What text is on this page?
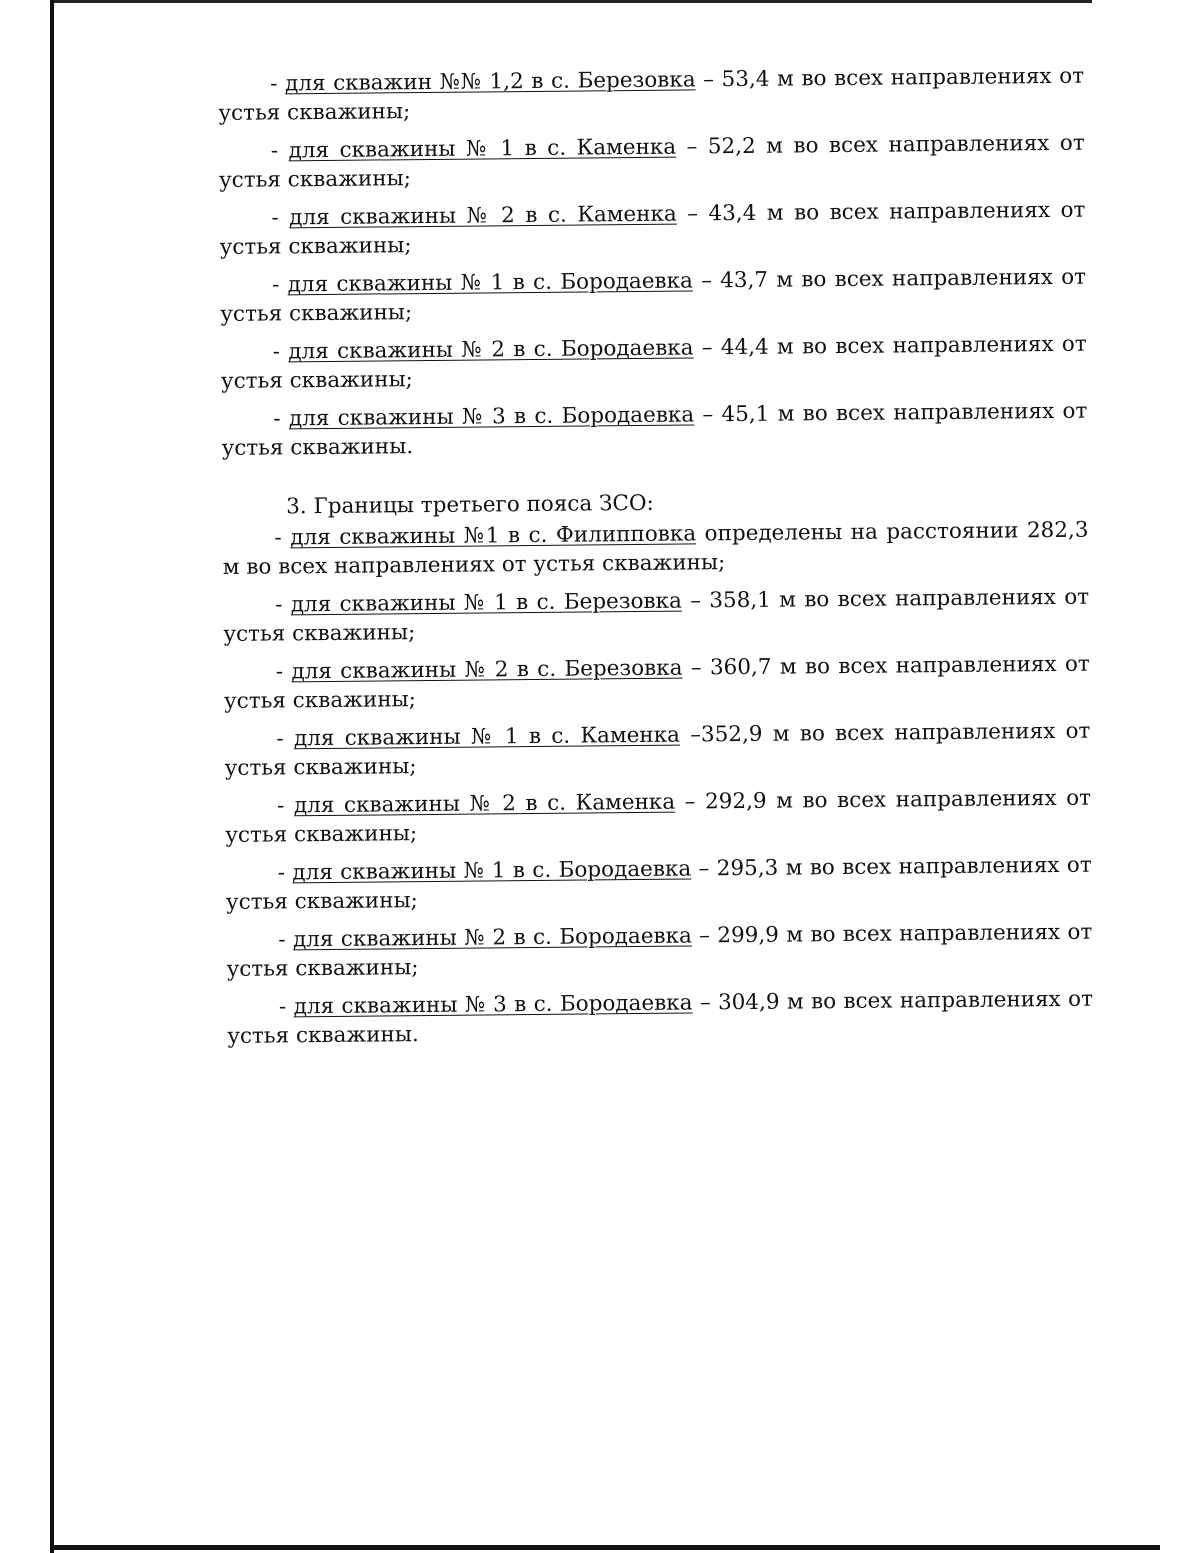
- для скважин №№ 1,2 в с. Березовка – 53,4 м во всех направлениях от устья скважины;

- для скважины № 1 в с. Каменка – 52,2 м во всех направлениях от устья скважины;

- для скважины № 2 в с. Каменка – 43,4 м во всех направлениях от устья скважины;

- для скважины № 1 в с. Бородаевка – 43,7 м во всех направлениях от устья скважины;

- для скважины № 2 в с. Бородаевка – 44,4 м во всех направлениях от устья скважины;

- для скважины № 3 в с. Бородаевка – 45,1 м во всех направлениях от устья скважины.

3. Границы третьего пояса ЗСО:

- для скважины №1 в с. Филипповка определены на расстоянии 282,3 м во всех направлениях от устья скважины;

- для скважины № 1 в с. Березовка – 358,1 м во всех направлениях от устья скважины;

- для скважины № 2 в с. Березовка – 360,7 м во всех направлениях от устья скважины;

- для скважины № 1 в с. Каменка –352,9 м во всех направлениях от устья скважины;

- для скважины № 2 в с. Каменка – 292,9 м во всех направлениях от устья скважины;

- для скважины № 1 в с. Бородаевка – 295,3 м во всех направлениях от устья скважины;

- для скважины № 2 в с. Бородаевка – 299,9 м во всех направлениях от устья скважины;

- для скважины № 3 в с. Бородаевка – 304,9 м во всех направлениях от устья скважины.
